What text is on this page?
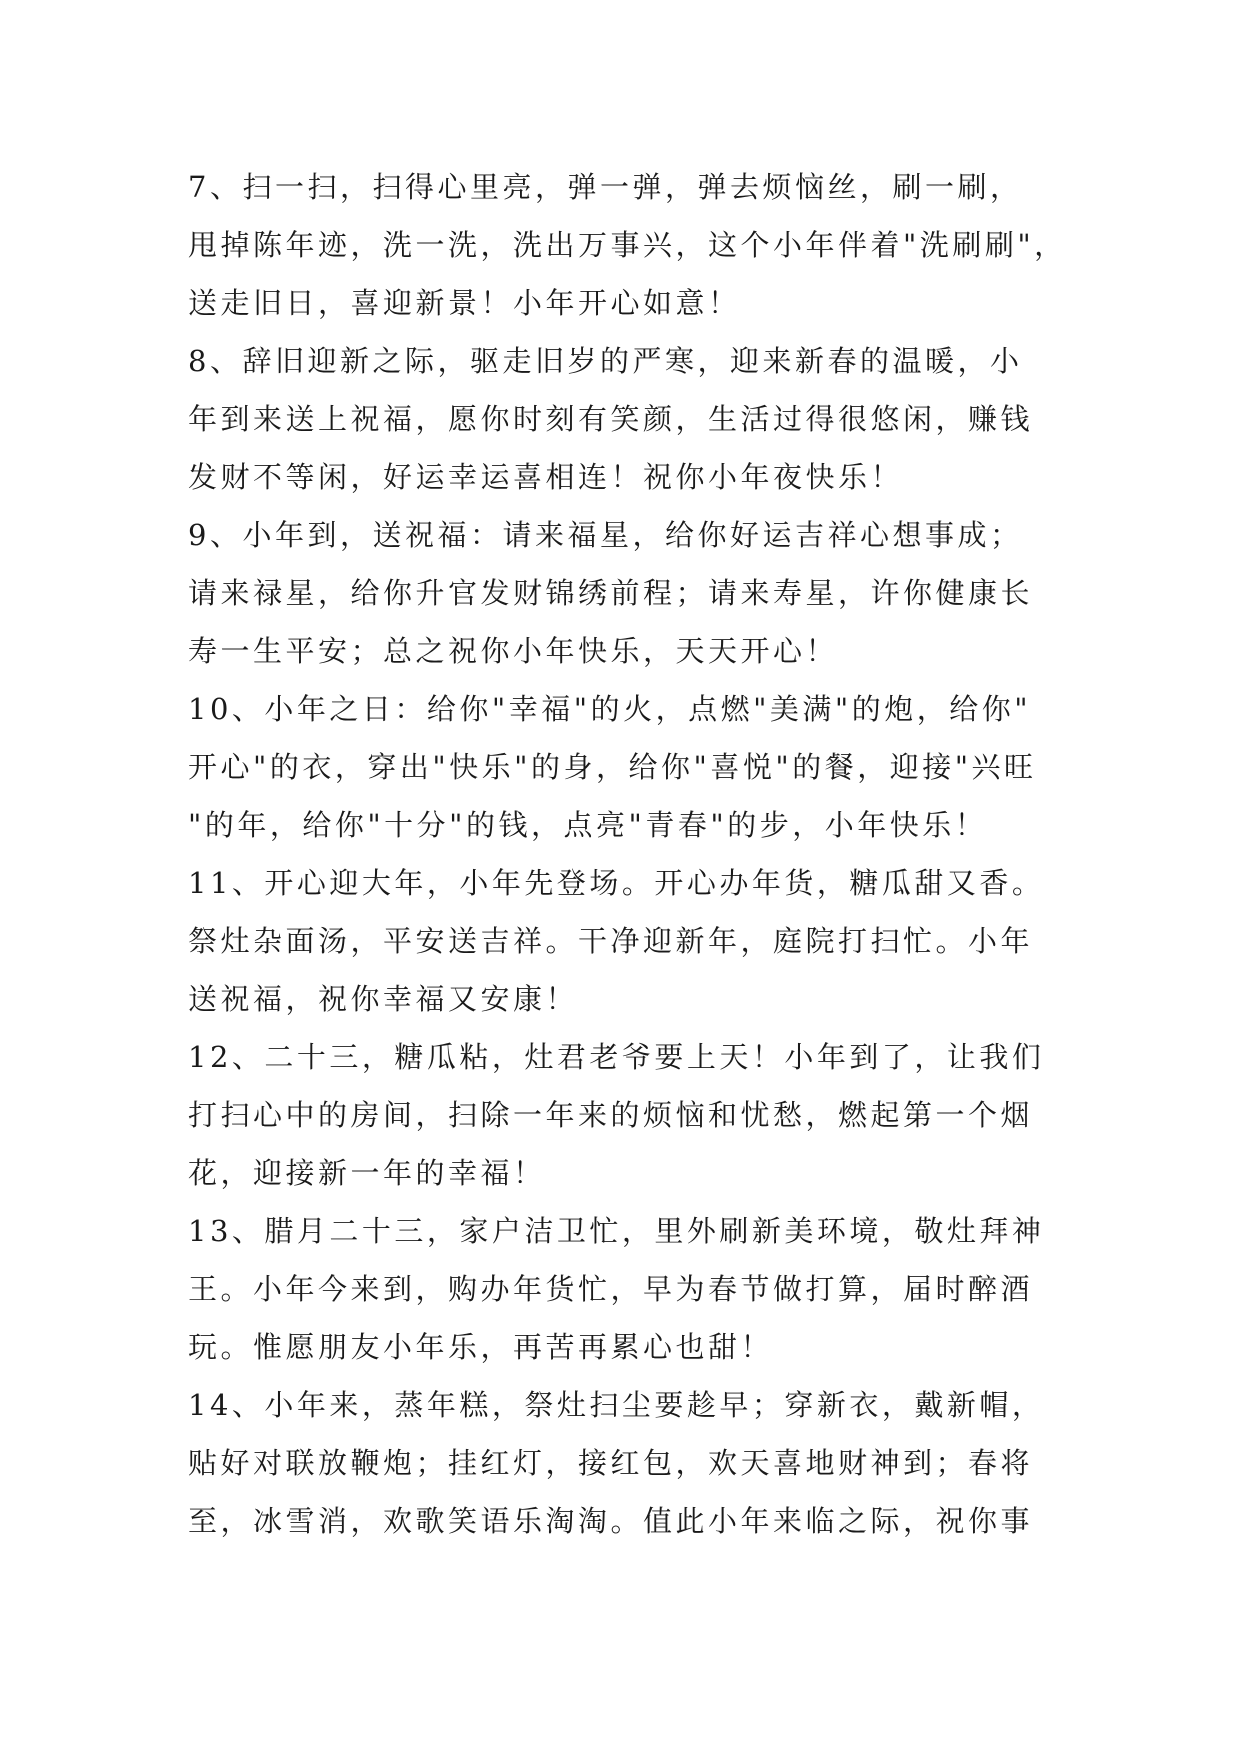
7、扫一扫，扫得心里亮，弹一弹，弹去烦恼丝，刷一刷，
甩掉陈年迹，洗一洗，洗出万事兴，这个小年伴着"洗刷刷"，
送走旧日，喜迎新景！小年开心如意！
8、辞旧迎新之际，驱走旧岁的严寒，迎来新春的温暖，小
年到来送上祝福，愿你时刻有笑颜，生活过得很悠闲，赚钱
发财不等闲，好运幸运喜相连！祝你小年夜快乐！
9、小年到，送祝福：请来福星，给你好运吉祥心想事成；
请来禄星，给你升官发财锦绣前程；请来寿星，许你健康长
寿一生平安；总之祝你小年快乐，天天开心！
10、小年之日：给你"幸福"的火，点燃"美满"的炮，给你"
开心"的衣，穿出"快乐"的身，给你"喜悦"的餐，迎接"兴旺
"的年，给你"十分"的钱，点亮"青春"的步，小年快乐！
11、开心迎大年，小年先登场。开心办年货，糖瓜甜又香。
祭灶杂面汤，平安送吉祥。干净迎新年，庭院打扫忙。小年
送祝福，祝你幸福又安康！
12、二十三，糖瓜粘，灶君老爷要上天！小年到了，让我们
打扫心中的房间，扫除一年来的烦恼和忧愁，燃起第一个烟
花，迎接新一年的幸福！
13、腊月二十三，家户洁卫忙，里外刷新美环境，敬灶拜神
王。小年今来到，购办年货忙，早为春节做打算，届时醉酒
玩。惟愿朋友小年乐，再苦再累心也甜！
14、小年来，蒸年糕，祭灶扫尘要趁早；穿新衣，戴新帽，
贴好对联放鞭炮；挂红灯，接红包，欢天喜地财神到；春将
至，冰雪消，欢歌笑语乐淘淘。值此小年来临之际，祝你事
